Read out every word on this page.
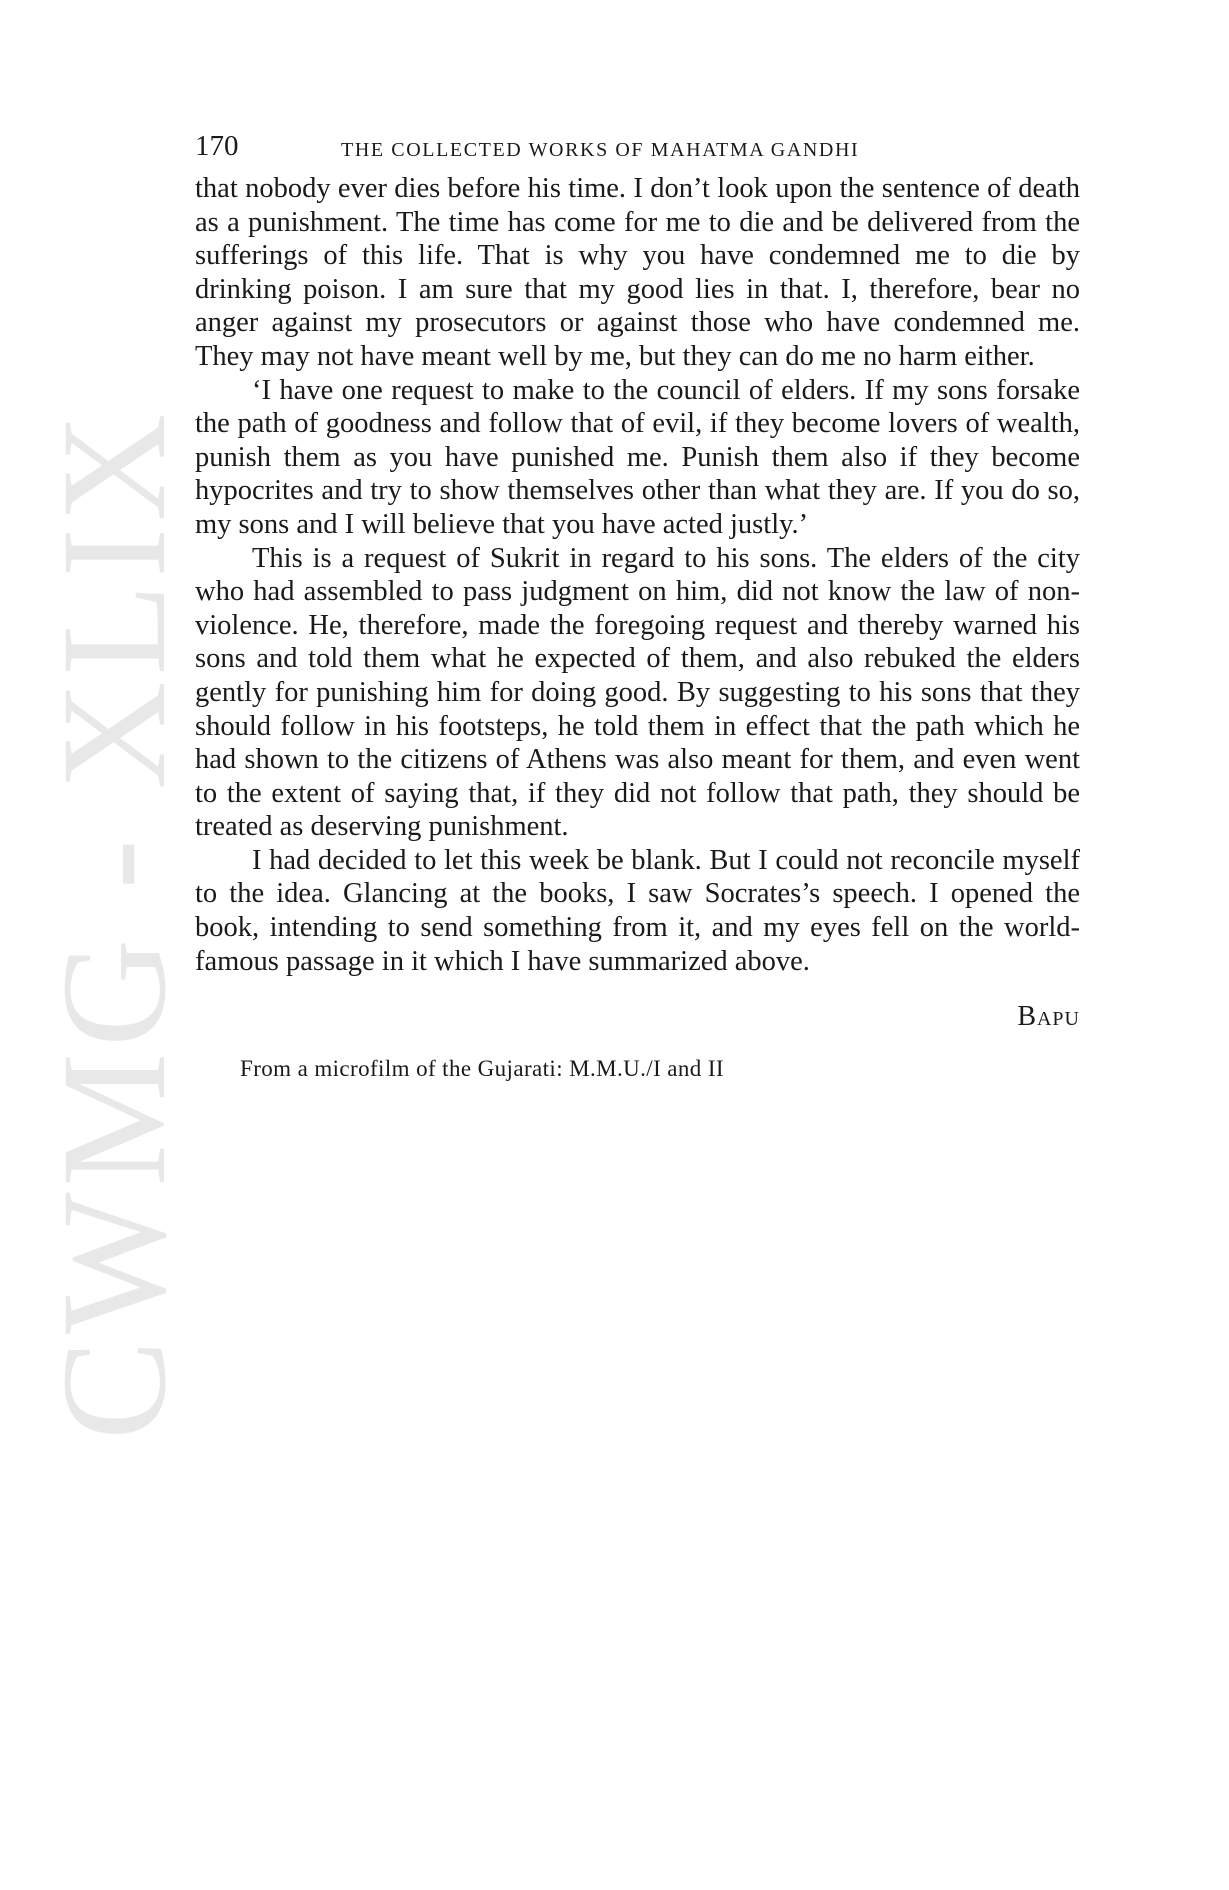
CWMG - XLIX
170	THE COLLECTED WORKS OF MAHATMA GANDHI

that nobody ever dies before his time. I don’t look upon the sentence of death as a punishment. The time has come for me to die and be delivered from the sufferings of this life. That is why you have condemned me to die by drinking poison. I am sure that my good lies in that. I, therefore, bear no anger against my prosecutors or against those who have condemned me. They may not have meant well by me, but they can do me no harm either.

‘I have one request to make to the council of elders. If my sons forsake the path of goodness and follow that of evil, if they become lovers of wealth, punish them as you have punished me. Punish them also if they become hypocrites and try to show themselves other than what they are. If you do so, my sons and I will believe that you have acted justly.’

This is a request of Sukrit in regard to his sons. The elders of the city who had assembled to pass judgment on him, did not know the law of non-violence. He, therefore, made the foregoing request and thereby warned his sons and told them what he expected of them, and also rebuked the elders gently for punishing him for doing good. By suggesting to his sons that they should follow in his footsteps, he told them in effect that the path which he had shown to the citizens of Athens was also meant for them, and even went to the extent of saying that, if they did not follow that path, they should be treated as deserving punishment.

I had decided to let this week be blank. But I could not reconcile myself to the idea. Glancing at the books, I saw Socrates’s speech. I opened the book, intending to send something from it, and my eyes fell on the world-famous passage in it which I have summarized above.

Bapu
From a microfilm of the Gujarati: M.M.U./I and II
